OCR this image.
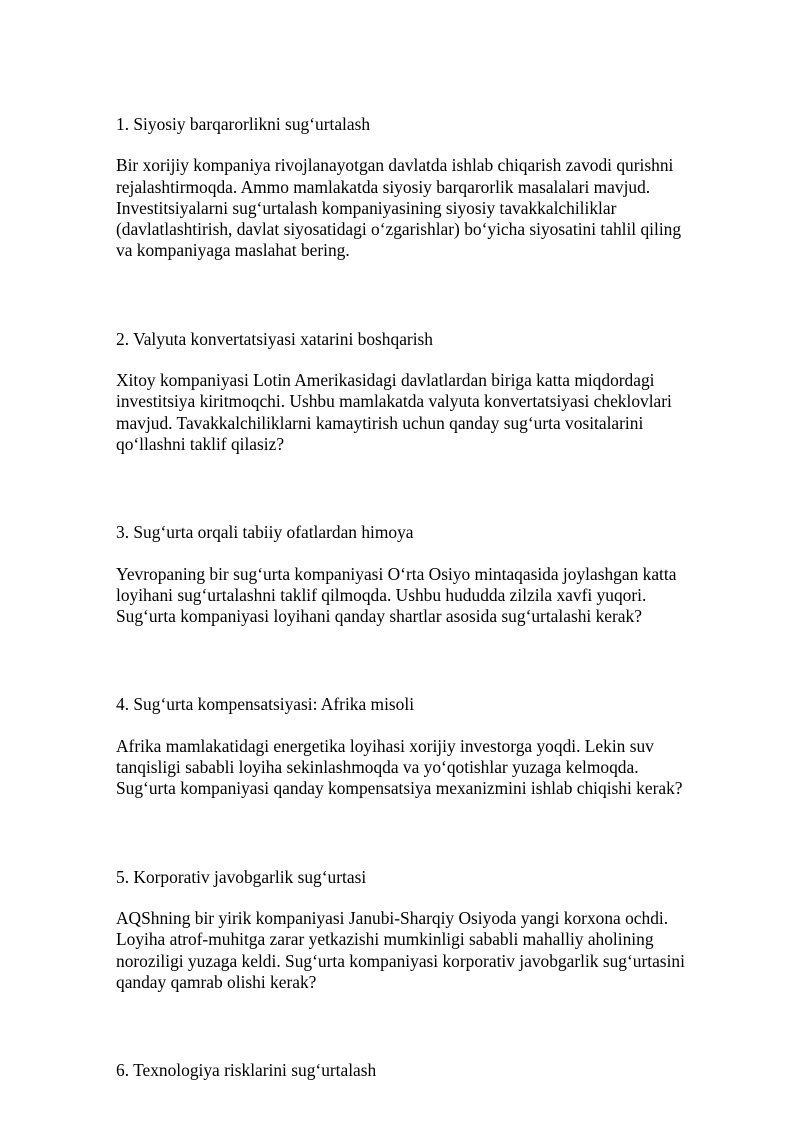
1. Siyosiy barqarorlikni sug‘urtalash

Bir xorijiy kompaniya rivojlanayotgan davlatda ishlab chiqarish zavodi qurishni
rejalashtirmoqda. Ammo mamlakatda siyosiy barqarorlik masalalari mavjud.
Investitsiyalarni sug‘urtalash kompaniyasining siyosiy tavakkalchiliklar
(davlatlashtirish, davlat siyosatidagi o‘zgarishlar) bo‘yicha siyosatini tahlil qiling
va kompaniyaga maslahat bering.

2. Valyuta konvertatsiyasi xatarini boshqarish

Xitoy kompaniyasi Lotin Amerikasidagi davlatlardan biriga katta miqdordagi
investitsiya kiritmoqchi. Ushbu mamlakatda valyuta konvertatsiyasi cheklovlari
mavjud. Tavakkalchiliklarni kamaytirish uchun qanday sug‘urta vositalarini
qo‘llashni taklif qilasiz?

3. Sug‘urta orqali tabiiy ofatlardan himoya

Yevropaning bir sug‘urta kompaniyasi O‘rta Osiyo mintaqasida joylashgan katta
loyihani sug‘urtalashni taklif qilmoqda. Ushbu hududda zilzila xavfi yuqori.
Sug‘urta kompaniyasi loyihani qanday shartlar asosida sug‘urtalashi kerak?

4. Sug‘urta kompensatsiyasi: Afrika misoli

Afrika mamlakatidagi energetika loyihasi xorijiy investorga yoqdi. Lekin suv
tanqisligi sababli loyiha sekinlashmoqda va yo‘qotishlar yuzaga kelmoqda.
Sug‘urta kompaniyasi qanday kompensatsiya mexanizmini ishlab chiqishi kerak?

5. Korporativ javobgarlik sug‘urtasi

AQShning bir yirik kompaniyasi Janubi-Sharqiy Osiyoda yangi korxona ochdi.
Loyiha atrof-muhitga zarar yetkazishi mumkinligi sababli mahalliy aholining
noroziligi yuzaga keldi. Sug‘urta kompaniyasi korporativ javobgarlik sug‘urtasini
qanday qamrab olishi kerak?

6. Texnologiya risklarini sug‘urtalash
